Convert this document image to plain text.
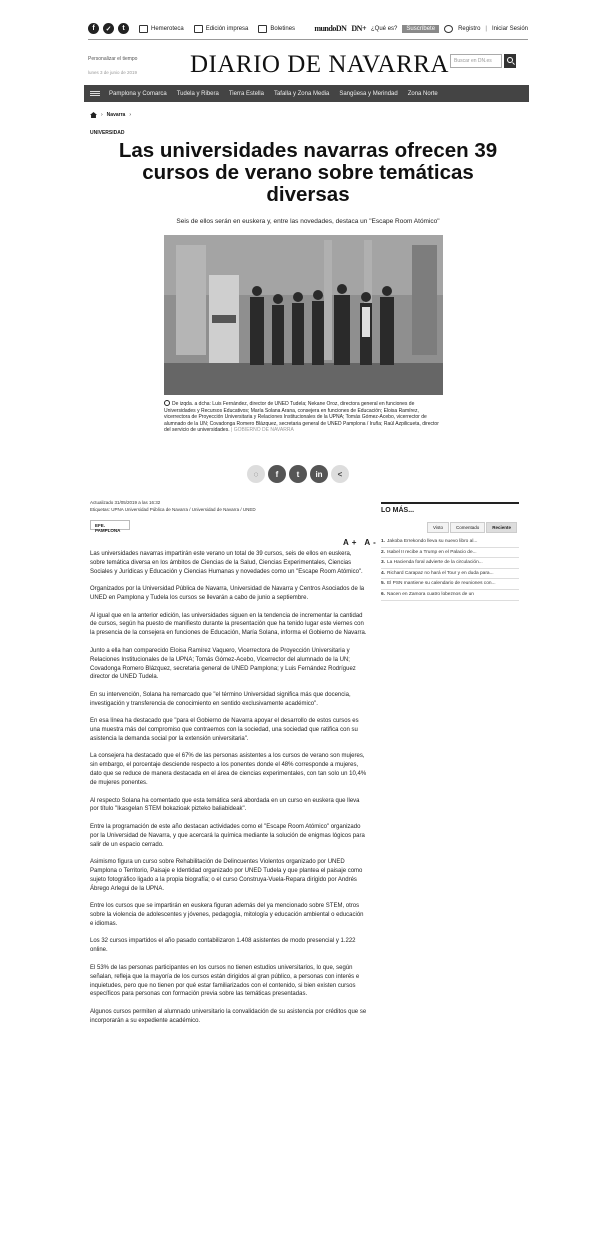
f	✓	t	Hemeroteca	Edición impresa	Boletines mundoDN DN+ ¿Qué es?	Suscríbete	Registro | Iniciar Sesión
Personalizar el tiempo
lunes 3 de junio de 2019 DIARIO DE NAVARRA	Buscar en DN.es
Pamplona y Comarca	Tudela y Ribera	Tierra Estella	Tafalla y Zona Media	Sangüesa y Merindad	Zona Norte
› Navarra ›
UNIVERSIDAD
Las universidades navarras ofrecen 39 cursos de verano sobre temáticas diversas
Seis de ellos serán en euskera y, entre las novedades, destaca un "Escape Room Atómico"
De izqda. a dcha: Luis Fernández, director de UNED Tudela; Nekane Oroz, directora general en funciones de Universidades y Recursos Educativos; María Solana Arana, consejera en funciones de Educación; Eloisa Ramírez, vicerrectora de Proyección Universitaria y Relaciones Institucionales de la UPNA; Tomás Gómez-Acebo, vicerrector de alumnado de la UN; Covadonga Romero Blázquez, secretaria general de UNED Pamplona / Iruña; Raúl Azpilicueta, director del servicio de universidades. | GOBIERNO DE NAVARRA
◌	f	t	in	<
Actualizado 31/05/2019 a las 16:32
Etiquetas: UPNA Universidad Pública de Navarra / Universidad de Navarra / UNED
EFE. PAMPLONA
A+ A-

Las universidades navarras impartirán este verano un total de 39 cursos, seis de ellos en euskera, sobre temática diversa en los ámbitos de Ciencias de la Salud, Ciencias Experimentales, Ciencias Sociales y Jurídicas y Educación y Ciencias Humanas y novedades como un "Escape Room Atómico".

Organizados por la Universidad Pública de Navarra, Universidad de Navarra y Centros Asociados de la UNED en Pamplona y Tudela los cursos se llevarán a cabo de junio a septiembre.

Al igual que en la anterior edición, las universidades siguen en la tendencia de incrementar la cantidad de cursos, según ha puesto de manifiesto durante la presentación que ha tenido lugar este viernes con la presencia de la consejera en funciones de Educación, María Solana, informa el Gobierno de Navarra.

Junto a ella han comparecido Eloisa Ramírez Vaquero, Vicerrectora de Proyección Universitaria y Relaciones Institucionales de la UPNA; Tomás Gómez-Acebo, Vicerrector del alumnado de la UN; Covadonga Romero Blázquez, secretaria general de UNED Pamplona; y Luis Fernández Rodríguez director de UNED Tudela.

En su intervención, Solana ha remarcado que "el término Universidad significa más que docencia, investigación y transferencia de conocimiento en sentido exclusivamente académico".

En esa línea ha destacado que "para el Gobierno de Navarra apoyar el desarrollo de estos cursos es una muestra más del compromiso que contraemos con la sociedad, una sociedad que ratifica con su asistencia la demanda social por la extensión universitaria".

La consejera ha destacado que el 67% de las personas asistentes a los cursos de verano son mujeres, sin embargo, el porcentaje desciende respecto a los ponentes donde el 48% corresponde a mujeres, dato que se reduce de manera destacada en el área de ciencias experimentales, con tan solo un 10,4% de mujeres ponentes.

Al respecto Solana ha comentado que esta temática será abordada en un curso en euskera que lleva por título "Ikasgelan STEM bokazioak pizteko baliabideak".

Entre la programación de este año destacan actividades como el "Escape Room Atómico" organizado por la Universidad de Navarra, y que acercará la química mediante la solución de enigmas lógicos para salir de un espacio cerrado.

Asimismo figura un curso sobre Rehabilitación de Delincuentes Violentos organizado por UNED Pamplona o Territorio, Paisaje e Identidad organizado por UNED Tudela y que plantea el paisaje como sujeto fotográfico ligado a la propia biografía; o el curso Construya-Vuela-Repara dirigido por Andrés Ábrego Arlegui de la UPNA.

Entre los cursos que se impartirán en euskera figuran además del ya mencionado sobre STEM, otros sobre la violencia de adolescentes y jóvenes, pedagogía, mitología y educación ambiental o educación e idiomas.

Los 32 cursos impartidos el año pasado contabilizaron 1.408 asistentes de modo presencial y 1.222 online.

El 53% de las personas participantes en los cursos no tienen estudios universitarios, lo que, según señalan, refleja que la mayoría de los cursos están dirigidos al gran público, a personas con interés e inquietudes, pero que no tienen por qué estar familiarizados con el contenido, si bien existen cursos específicos para personas con formación previa sobre las temáticas presentadas.

Algunos cursos permiten al alumnado universitario la convalidación de su asistencia por créditos que se incorporarán a su expediente académico.

LO MÁS...
Visto	Comentado	Reciente
1. Jakoba Errekondo lleva su nuevo libro al...
2. Isabel II recibe a Trump en el Palacio de...
3. La Hacienda foral advierte de la circulación...
4. Richard Carapaz no hará el Tour y en duda para...
5. El PSN mantiene su calendario de reuniones con...
6. Nacen en Zamora cuatro lobeznos de un
